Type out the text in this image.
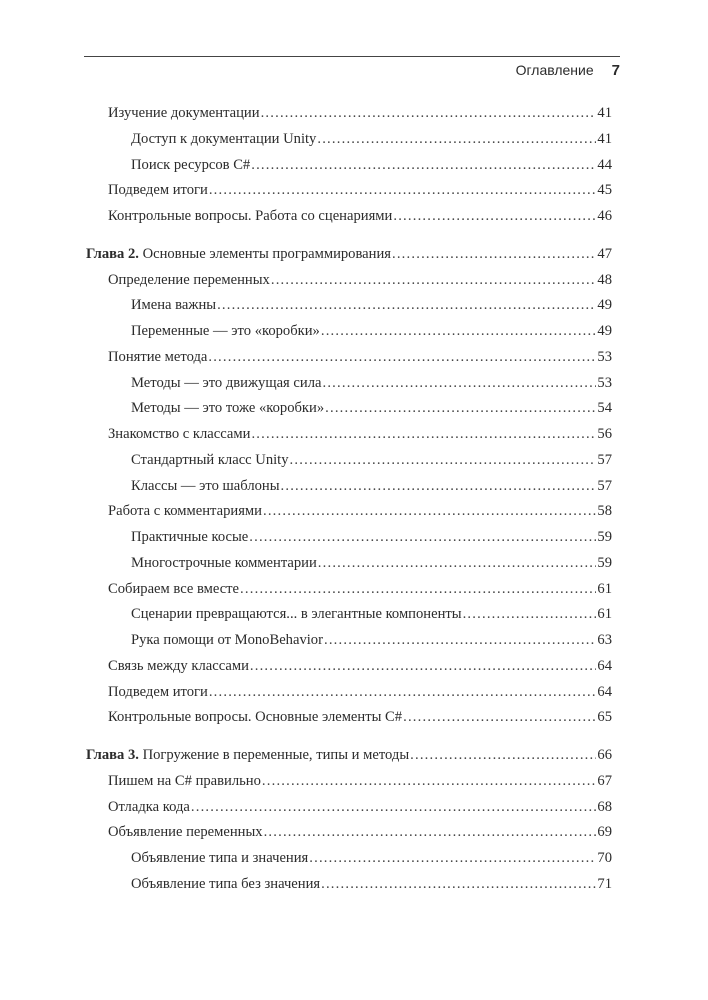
Оглавление 7
Изучение документации .....	41
Доступ к документации Unity .....	41
Поиск ресурсов C# .....	44
Подведем итоги .....	45
Контрольные вопросы. Работа со сценариями .....	46
Глава 2. Основные элементы программирования .....	47
Определение переменных .....	48
Имена важны .....	49
Переменные — это «коробки» .....	49
Понятие метода .....	53
Методы — это движущая сила .....	53
Методы — это тоже «коробки» .....	54
Знакомство с классами .....	56
Стандартный класс Unity .....	57
Классы — это шаблоны .....	57
Работа с комментариями .....	58
Практичные косые .....	59
Многострочные комментарии .....	59
Собираем все вместе .....	61
Сценарии превращаются... в элегантные компоненты .....	61
Рука помощи от MonoBehavior .....	63
Связь между классами .....	64
Подведем итоги .....	64
Контрольные вопросы. Основные элементы C# .....	65
Глава 3. Погружение в переменные, типы и методы .....	66
Пишем на C# правильно .....	67
Отладка кода .....	68
Объявление переменных .....	69
Объявление типа и значения .....	70
Объявление типа без значения .....	71
